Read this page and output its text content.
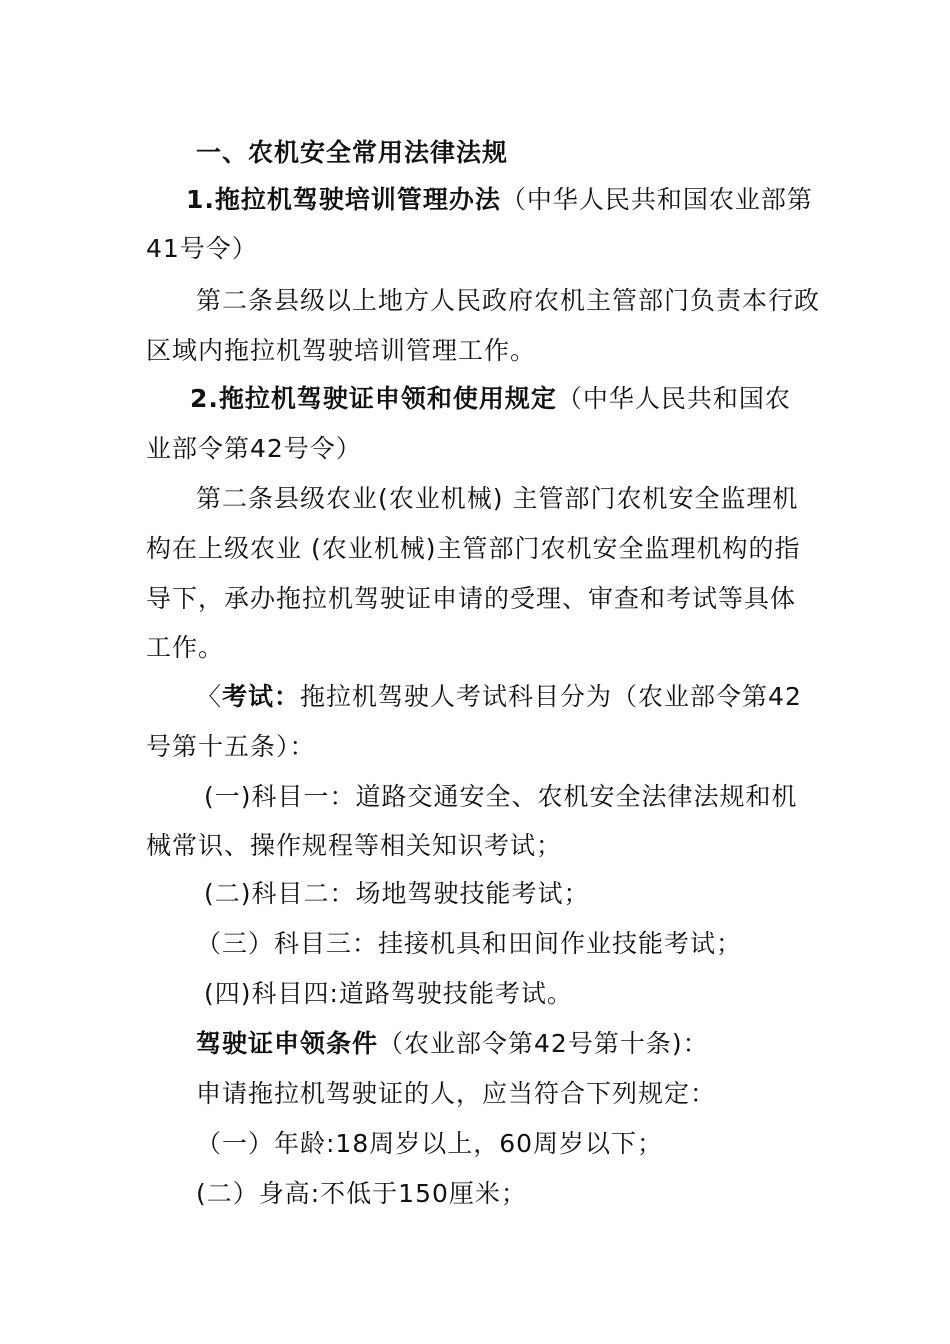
一、农机安全常用法律法规
1.拖拉机驾驶培训管理办法（中华人民共和国农业部第
41号令）
第二条县级以上地方人民政府农机主管部门负责本行政
区域内拖拉机驾驶培训管理工作。
2.拖拉机驾驶证申领和使用规定（中华人民共和国农
业部令第42号令）
第二条县级农业(农业机械) 主管部门农机安全监理机
构在上级农业 (农业机械)主管部门农机安全监理机构的指
导下，承办拖拉机驾驶证申请的受理、审查和考试等具体
工作。
〈考试：拖拉机驾驶人考试科目分为（农业部令第42
号第十五条）：
(一)科目一：道路交通安全、农机安全法律法规和机
械常识、操作规程等相关知识考试；
(二)科目二：场地驾驶技能考试；
（三）科目三：挂接机具和田间作业技能考试；
(四)科目四:道路驾驶技能考试。
驾驶证申领条件（农业部令第42号第十条)：
申请拖拉机驾驶证的人，应当符合下列规定：
（一）年龄:18周岁以上，60周岁以下；
(二）身高:不低于150厘米；
